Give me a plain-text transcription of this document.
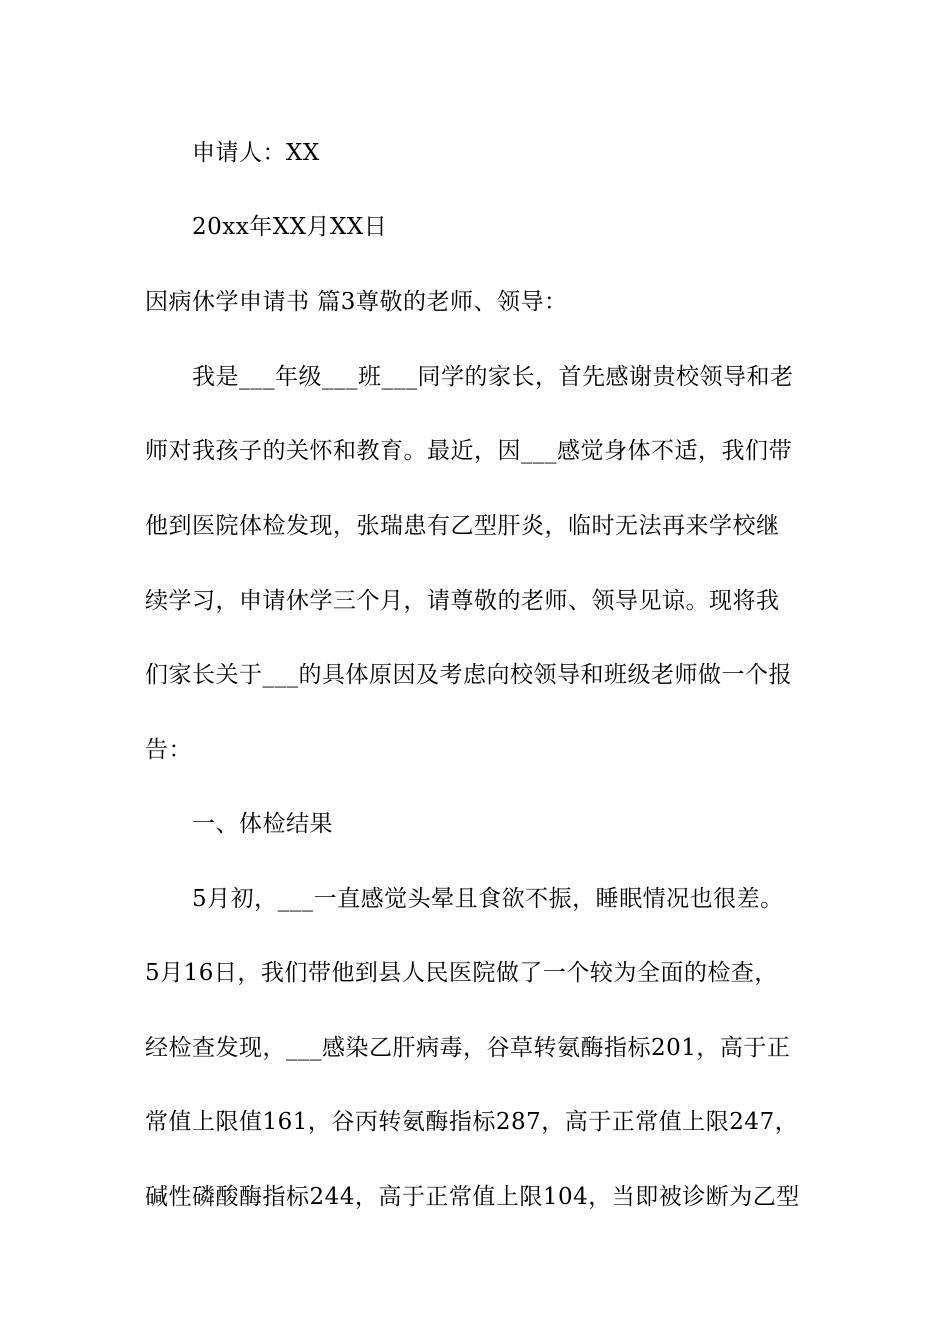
申请人：XX
20xx年XX月XX日
因病休学申请书 篇3尊敬的老师、领导：
我是___年级___班___同学的家长，首先感谢贵校领导和老
师对我孩子的关怀和教育。最近，因___感觉身体不适，我们带
他到医院体检发现，张瑞患有乙型肝炎，临时无法再来学校继
续学习，申请休学三个月，请尊敬的老师、领导见谅。现将我
们家长关于___的具体原因及考虑向校领导和班级老师做一个报
告：
一、体检结果
5月初，___一直感觉头晕且食欲不振，睡眠情况也很差。
5月16日，我们带他到县人民医院做了一个较为全面的检查，
经检查发现，___感染乙肝病毒，谷草转氨酶指标201，高于正
常值上限值161，谷丙转氨酶指标287，高于正常值上限247，
碱性磷酸酶指标244，高于正常值上限104，当即被诊断为乙型
